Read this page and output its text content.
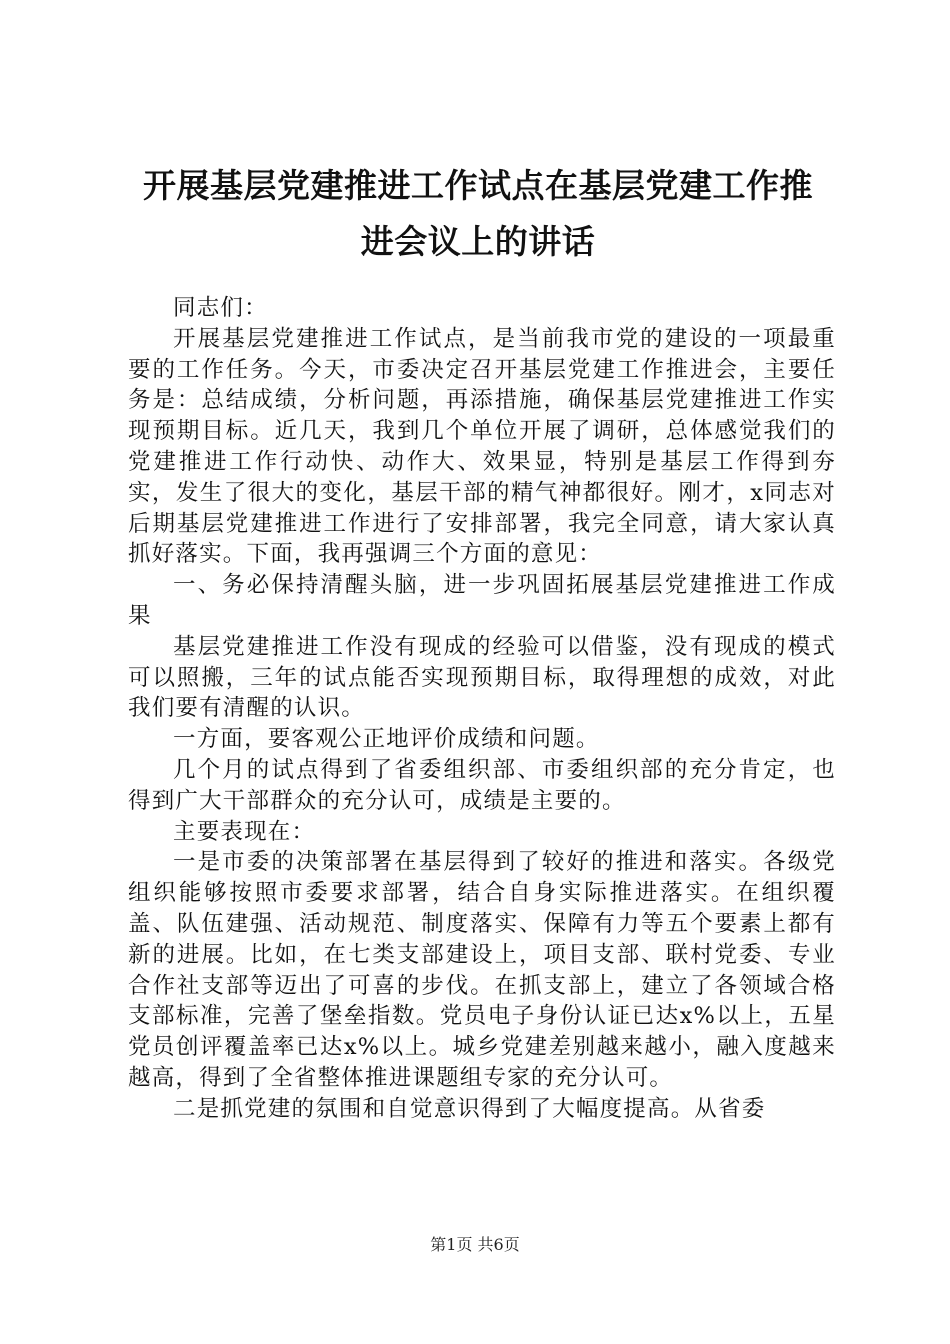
开展基层党建推进工作试点在基层党建工作推
进会议上的讲话

同志们：

开展基层党建推进工作试点，是当前我市党的建设的一项最重要的工作任务。今天，市委决定召开基层党建工作推进会，主要任务是：总结成绩，分析问题，再添措施，确保基层党建推进工作实现预期目标。近几天，我到几个单位开展了调研，总体感觉我们的党建推进工作行动快、动作大、效果显，特别是基层工作得到夯实，发生了很大的变化，基层干部的精气神都很好。刚才，x同志对后期基层党建推进工作进行了安排部署，我完全同意，请大家认真抓好落实。下面，我再强调三个方面的意见：

一、务必保持清醒头脑，进一步巩固拓展基层党建推进工作成果

基层党建推进工作没有现成的经验可以借鉴，没有现成的模式可以照搬，三年的试点能否实现预期目标，取得理想的成效，对此我们要有清醒的认识。

一方面，要客观公正地评价成绩和问题。

几个月的试点得到了省委组织部、市委组织部的充分肯定，也得到广大干部群众的充分认可，成绩是主要的。

主要表现在：

一是市委的决策部署在基层得到了较好的推进和落实。各级党组织能够按照市委要求部署，结合自身实际推进落实。在组织覆盖、队伍建强、活动规范、制度落实、保障有力等五个要素上都有新的进展。比如，在七类支部建设上，项目支部、联村党委、专业合作社支部等迈出了可喜的步伐。在抓支部上，建立了各领域合格支部标准，完善了堡垒指数。党员电子身份认证已达x%以上，五星党员创评覆盖率已达x%以上。城乡党建差别越来越小，融入度越来越高，得到了全省整体推进课题组专家的充分认可。

二是抓党建的氛围和自觉意识得到了大幅度提高。从省委

第1页 共6页
